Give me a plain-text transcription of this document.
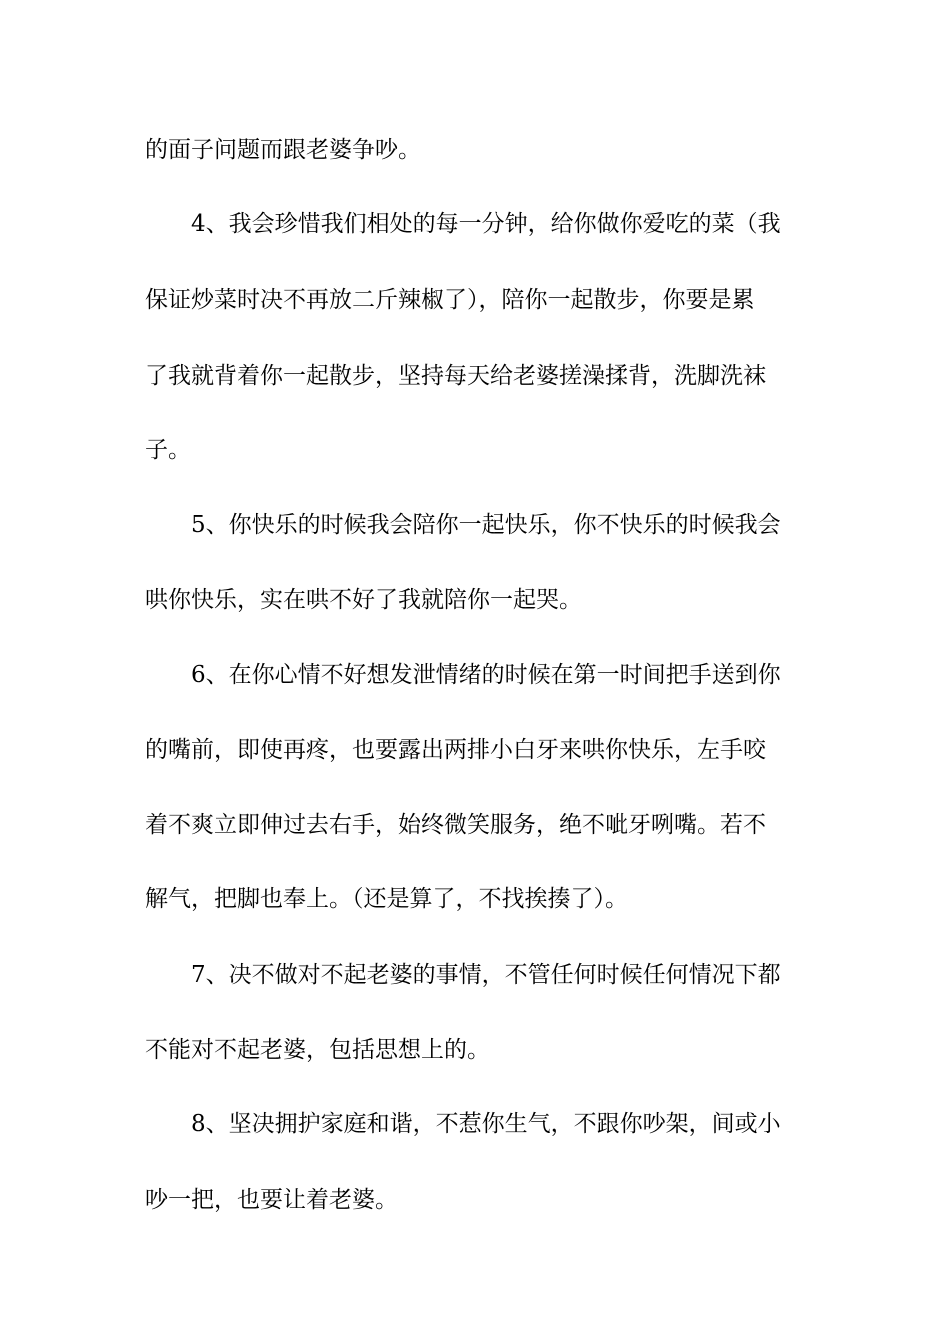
的面子问题而跟老婆争吵。
4、我会珍惜我们相处的每一分钟，给你做你爱吃的菜（我
保证炒菜时决不再放二斤辣椒了），陪你一起散步，你要是累
了我就背着你一起散步，坚持每天给老婆搓澡揉背，洗脚洗袜
子。
5、你快乐的时候我会陪你一起快乐，你不快乐的时候我会
哄你快乐，实在哄不好了我就陪你一起哭。
6、在你心情不好想发泄情绪的时候在第一时间把手送到你
的嘴前，即使再疼，也要露出两排小白牙来哄你快乐，左手咬
着不爽立即伸过去右手，始终微笑服务，绝不呲牙咧嘴。若不
解气，把脚也奉上。（还是算了，不找挨揍了）。
7、决不做对不起老婆的事情，不管任何时候任何情况下都
不能对不起老婆，包括思想上的。
8、坚决拥护家庭和谐，不惹你生气，不跟你吵架，间或小
吵一把，也要让着老婆。
